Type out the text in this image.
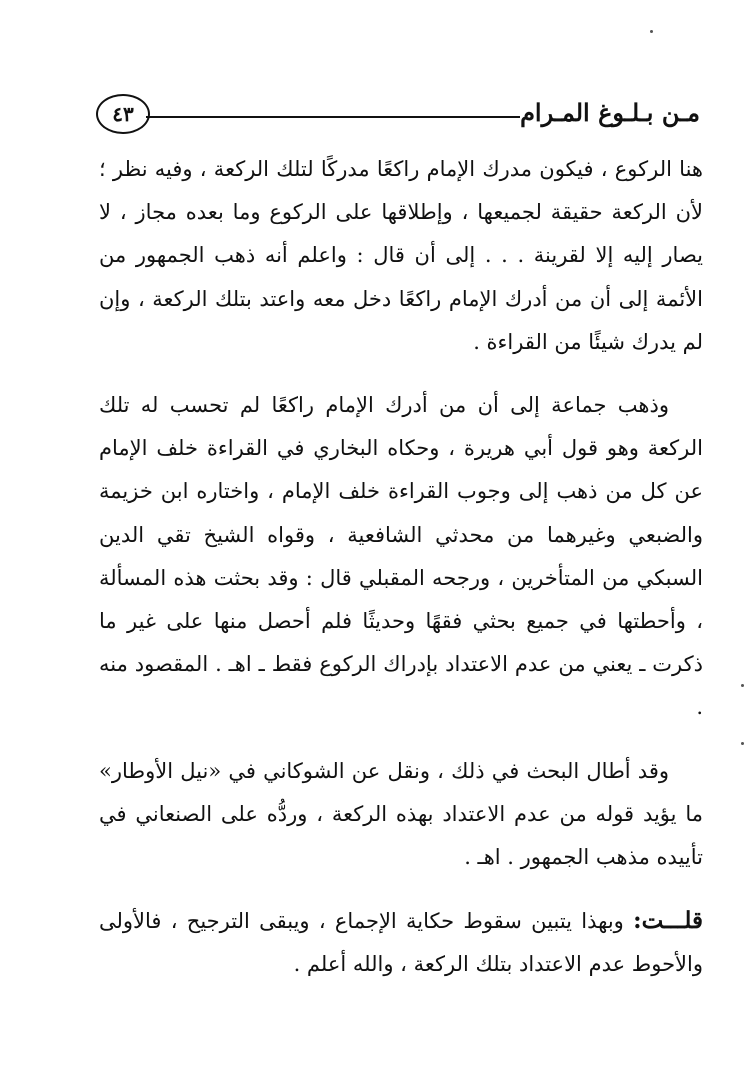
مـن بـلـوغ المـرام
٤٣

هنا الركوع ، فيكون مدرك الإمام راكعًا مدركًا لتلك الركعة ، وفيه نظر ؛ لأن الركعة حقيقة لجميعها ، وإطلاقها على الركوع وما بعده مجاز ، لا يصار إليه إلا لقرينة . . . إلى أن قال : واعلم أنه ذهب الجمهور من الأئمة إلى أن من أدرك الإمام راكعًا دخل معه واعتد بتلك الركعة ، وإن لم يدرك شيئًا من القراءة .

وذهب جماعة إلى أن من أدرك الإمام راكعًا لم تحسب له تلك الركعة وهو قول أبي هريرة ، وحكاه البخاري في القراءة خلف الإمام عن كل من ذهب إلى وجوب القراءة خلف الإمام ، واختاره ابن خزيمة والضبعي وغيرهما من محدثي الشافعية ، وقواه الشيخ تقي الدين السبكي من المتأخرين ، ورجحه المقبلي قال : وقد بحثت هذه المسألة ، وأحطتها في جميع بحثي فقهًا وحديثًا فلم أحصل منها على غير ما ذكرت ـ يعني من عدم الاعتداد بإدراك الركوع فقط ـ اهـ . المقصود منه .

وقد أطال البحث في ذلك ، ونقل عن الشوكاني في «نيل الأوطار» ما يؤيد قوله من عدم الاعتداد بهذه الركعة ، وردُّه على الصنعاني في تأييده مذهب الجمهور . اهـ .

قلـــت: وبهذا يتبين سقوط حكاية الإجماع ، ويبقى الترجيح ، فالأولى والأحوط عدم الاعتداد بتلك الركعة ، والله أعلم .
